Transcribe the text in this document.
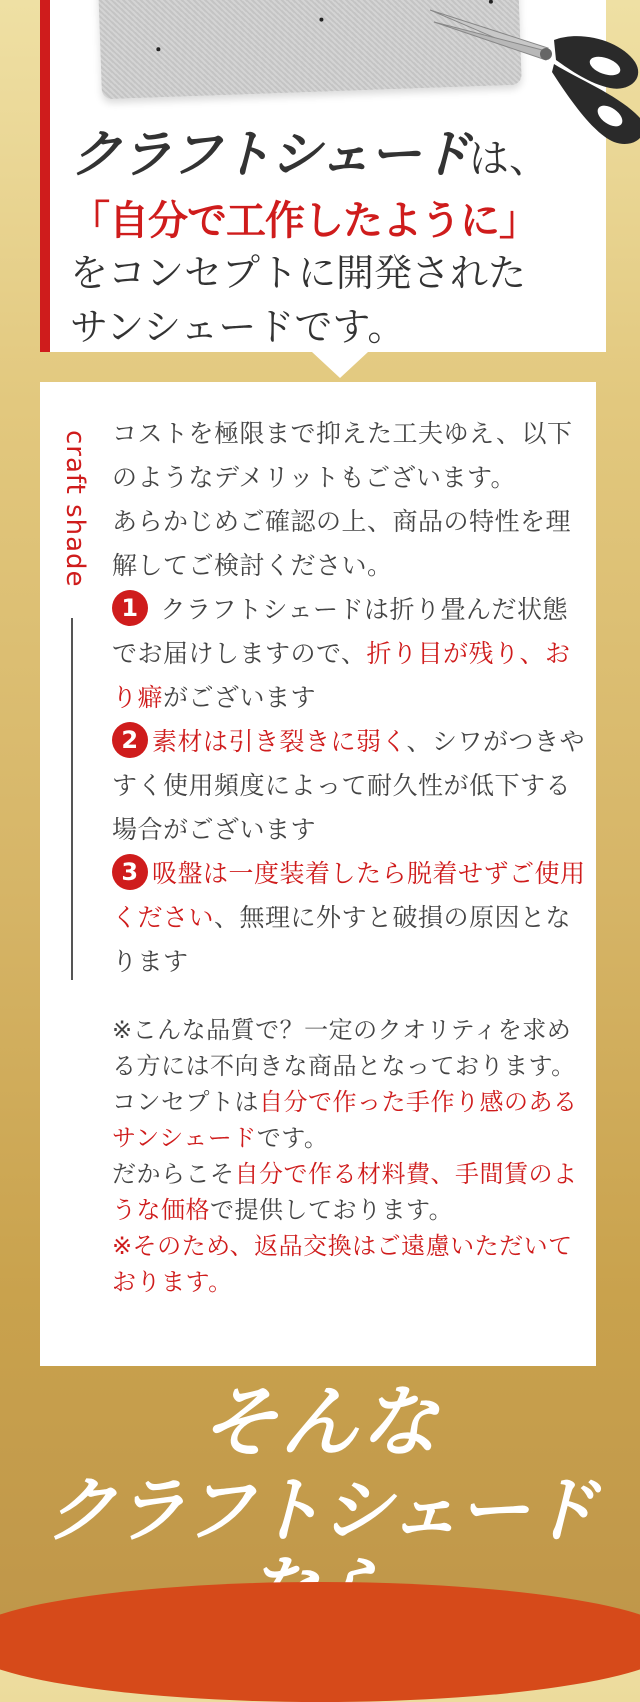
クラフトシェードは、
「自分で工作したように」
をコンセプトに開発された
サンシェードです。
craft shade コストを極限まで抑えた工夫ゆえ、以下のようなデメリットもございます。
あらかじめご確認の上、商品の特性を理解してご検討ください。
1 クラフトシェードは折り畳んだ状態でお届けしますので、折り目が残り、おり癖がございます
2 素材は引き裂きに弱く、シワがつきやすく使用頻度によって耐久性が低下する場合がございます
3 吸盤は一度装着したら脱着せずご使用ください、無理に外すと破損の原因となります
※こんな品質で？一定のクオリティを求める方には不向きな商品となっております。
コンセプトは自分で作った手作り感のあるサンシェードです。
だからこそ自分で作る材料費、手間賃のような価格で提供しております。
※そのため、返品交換はご遠慮いただいております。
そんな
クラフトシェード
